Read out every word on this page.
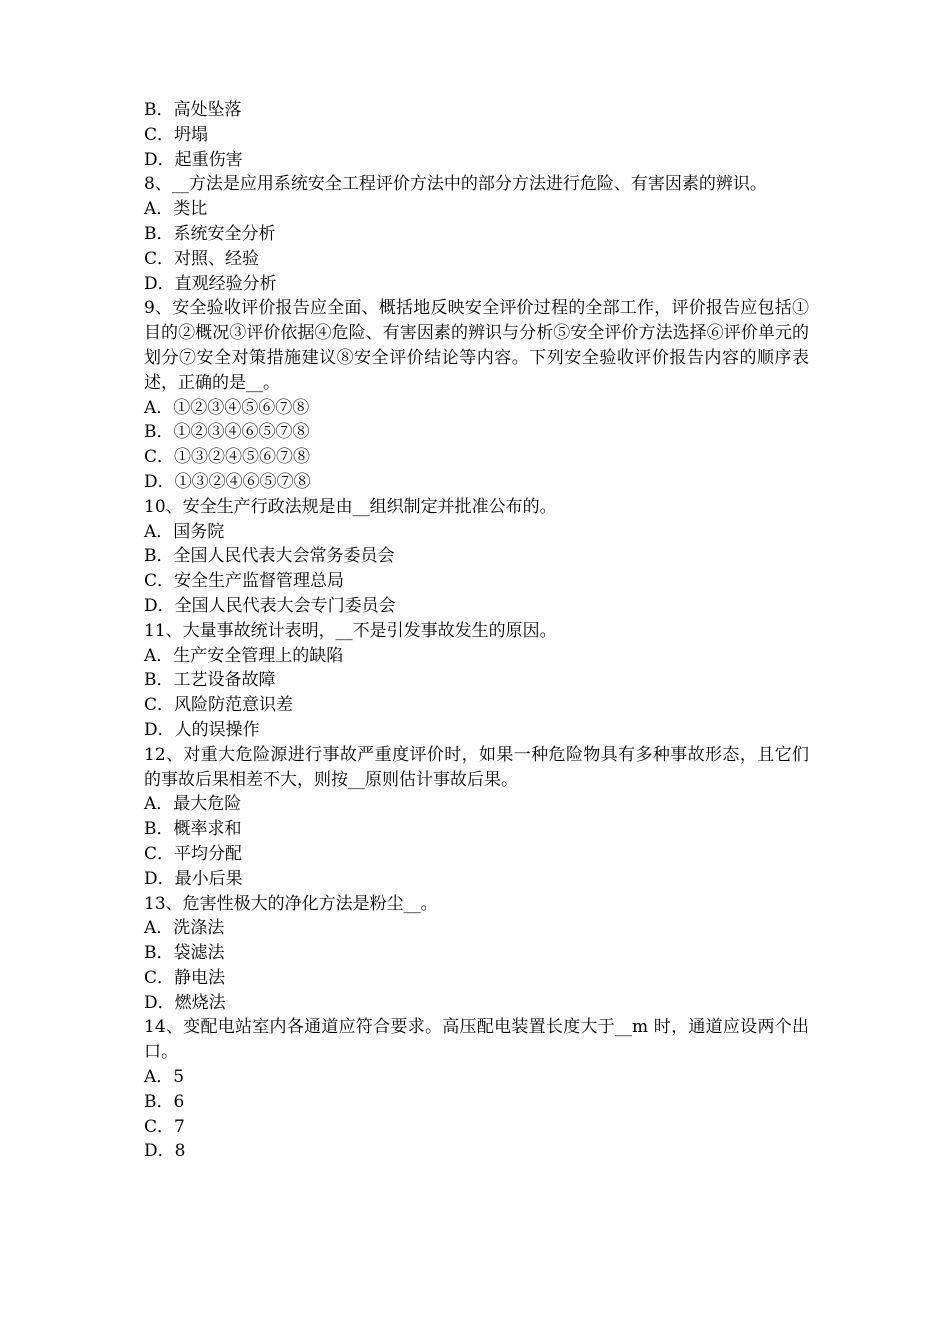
B．高处坠落
C．坍塌
D．起重伤害
8、__方法是应用系统安全工程评价方法中的部分方法进行危险、有害因素的辨识。
A．类比
B．系统安全分析
C．对照、经验
D．直观经验分析
9、安全验收评价报告应全面、概括地反映安全评价过程的全部工作，评价报告应包括①目的②概况③评价依据④危险、有害因素的辨识与分析⑤安全评价方法选择⑥评价单元的划分⑦安全对策措施建议⑧安全评价结论等内容。下列安全验收评价报告内容的顺序表述，正确的是__。
A．①②③④⑤⑥⑦⑧
B．①②③④⑥⑤⑦⑧
C．①③②④⑤⑥⑦⑧
D．①③②④⑥⑤⑦⑧
10、安全生产行政法规是由__组织制定并批准公布的。
A．国务院
B．全国人民代表大会常务委员会
C．安全生产监督管理总局
D．全国人民代表大会专门委员会
11、大量事故统计表明，__不是引发事故发生的原因。
A．生产安全管理上的缺陷
B．工艺设备故障
C．风险防范意识差
D．人的误操作
12、对重大危险源进行事故严重度评价时，如果一种危险物具有多种事故形态，且它们的事故后果相差不大，则按__原则估计事故后果。
A．最大危险
B．概率求和
C．平均分配
D．最小后果
13、危害性极大的净化方法是粉尘__。
A．洗涤法
B．袋滤法
C．静电法
D．燃烧法
14、变配电站室内各通道应符合要求。高压配电装置长度大于__m 时，通道应设两个出口。
A．5
B．6
C．7
D．8
